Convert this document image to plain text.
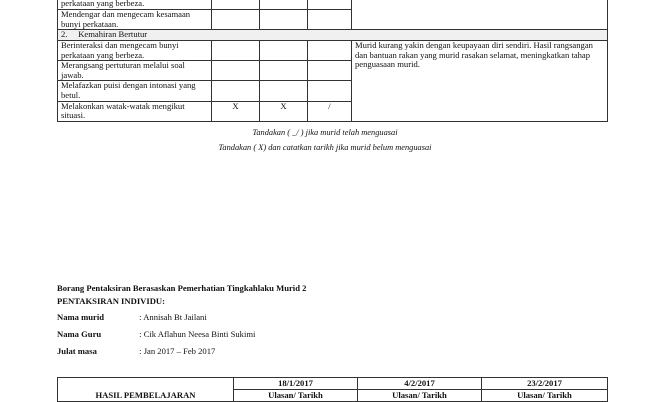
perkataan yang berbeza.				
Mendengar dan mengecam kesamaan bunyi perkataan.				
2. Kemahiran Bertutur				
Berinteraksi dan mengecam bunyi perkataan yang berbeza.				Murid kurang yakin dengan keupayaan diri sendiri. Hasil rangsangan dan bantuan rakan yang murid rasakan selamat, meningkatkan tahap penguasaan murid.
Merangsang pertuturan melalui soal jawab.				
Melafazkan puisi dengan intonasi yang betul.				
Melakonkan watak-watak mengikut situasi.	X	X	/	
Tandakan ( _/ ) jika murid telah menguasai
Tandakan ( X) dan catatkan tarikh jika murid belum menguasai
Borang Pentaksiran Berasaskan Pemerhatian Tingkahlaku Murid 2
PENTAKSIRAN INDIVIDU:
Nama murid	: Annisah Bt Jailani
Nama Guru	: Cik Aflahun Neesa Binti Sukimi
Julat masa	: Jan 2017 – Feb 2017
HASIL PEMBELAJARAN	18/1/2017	4/2/2017	23/2/2017
	Ulasan/ Tarikh	Ulasan/ Tarikh	Ulasan/ Tarikh
